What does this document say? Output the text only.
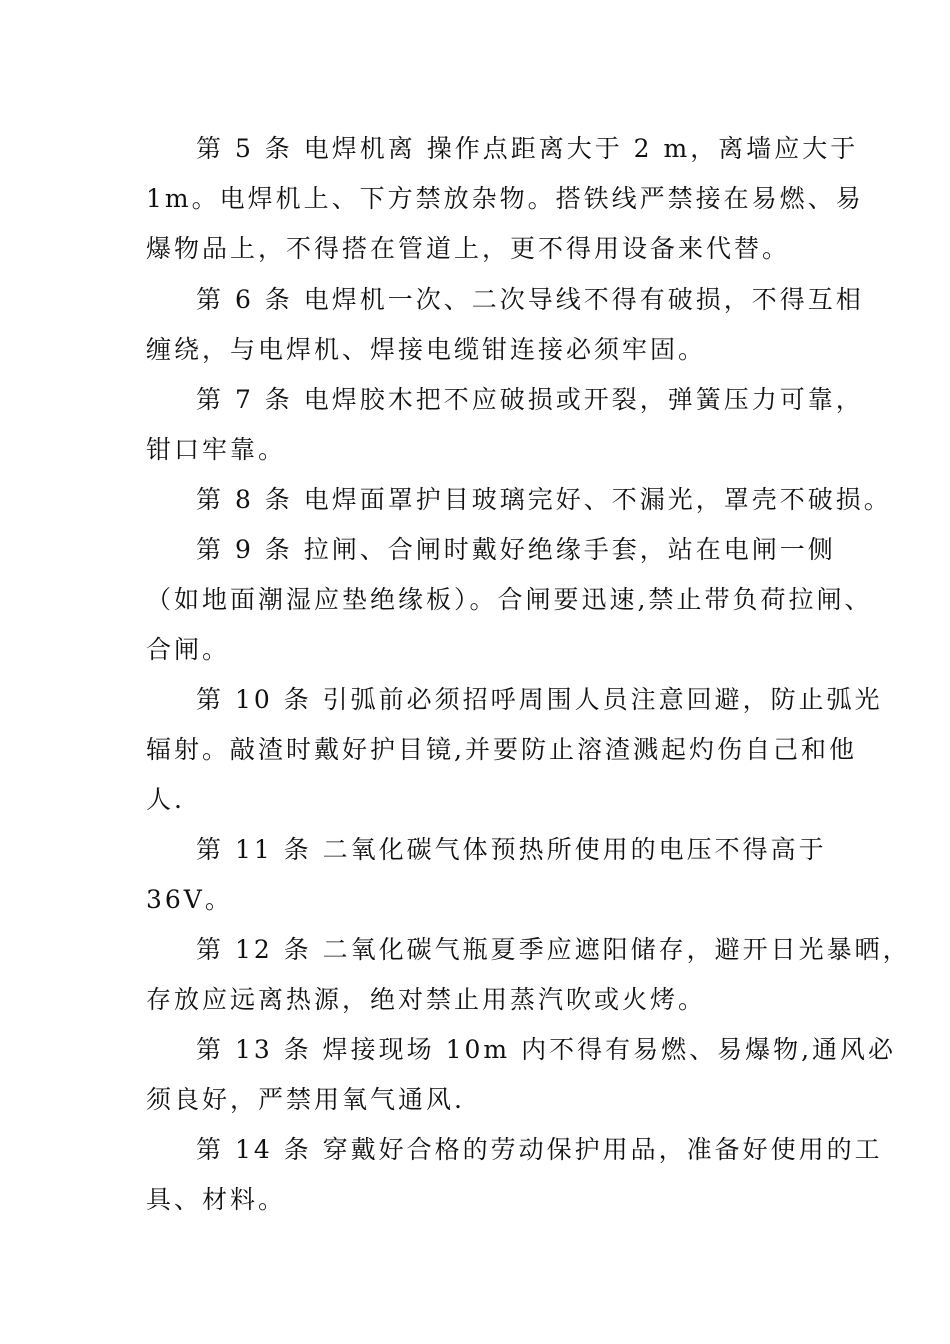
第 5 条 电焊机离 操作点距离大于 2 m，离墙应大于
1m。电焊机上、下方禁放杂物。搭铁线严禁接在易燃、易
爆物品上，不得搭在管道上，更不得用设备来代替。
第 6 条 电焊机一次、二次导线不得有破损，不得互相
缠绕，与电焊机、焊接电缆钳连接必须牢固。
第 7 条 电焊胶木把不应破损或开裂，弹簧压力可靠，
钳口牢靠。
第 8 条 电焊面罩护目玻璃完好、不漏光，罩壳不破损。
第 9 条 拉闸、合闸时戴好绝缘手套，站在电闸一侧
（如地面潮湿应垫绝缘板）。合闸要迅速,禁止带负荷拉闸、
合闸。
第 10 条 引弧前必须招呼周围人员注意回避，防止弧光
辐射。敲渣时戴好护目镜,并要防止溶渣溅起灼伤自己和他
人.
第 11 条 二氧化碳气体预热所使用的电压不得高于
36V。
第 12 条 二氧化碳气瓶夏季应遮阳储存，避开日光暴晒，
存放应远离热源，绝对禁止用蒸汽吹或火烤。
第 13 条 焊接现场 10m 内不得有易燃、易爆物,通风必
须良好，严禁用氧气通风.
第 14 条 穿戴好合格的劳动保护用品，准备好使用的工
具、材料。
